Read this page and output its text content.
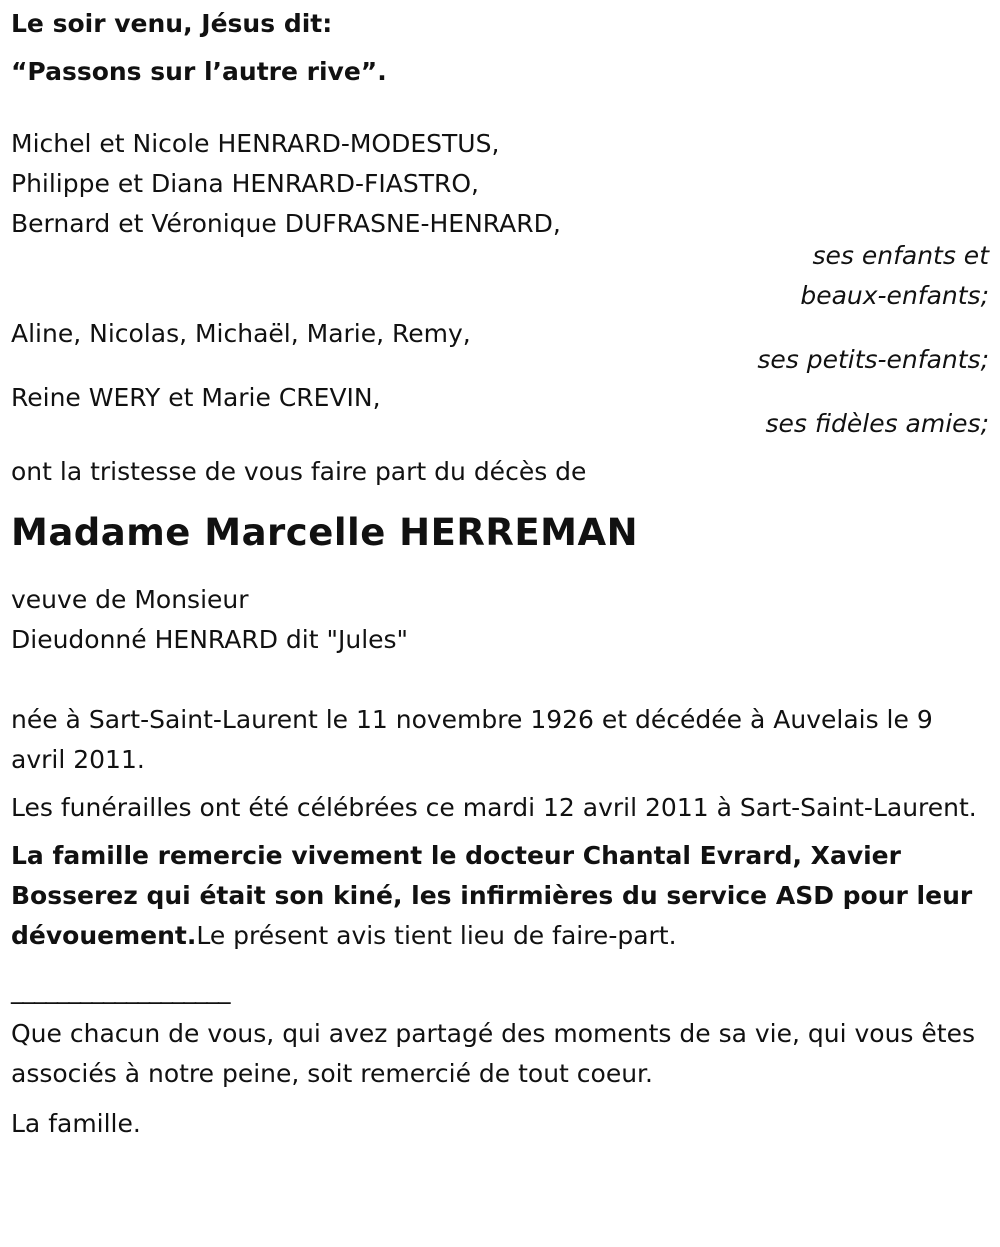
Le soir venu, Jésus dit:

“Passons sur l’autre rive”.

Michel et Nicole HENRARD-MODESTUS,

Philippe et Diana HENRARD-FIASTRO,

Bernard et Véronique DUFRASNE-HENRARD,

ses enfants et

beaux-enfants;

Aline, Nicolas, Michaël, Marie, Remy,

ses petits-enfants;

Reine WERY et Marie CREVIN,

ses fidèles amies;

ont la tristesse de vous faire part du décès de

Madame Marcelle HERREMAN

veuve de Monsieur

Dieudonné HENRARD dit "Jules"

née à Sart-Saint-Laurent le 11 novembre 1926 et décédée à Auvelais le 9 avril 2011.

Les funérailles ont été célébrées ce mardi 12 avril 2011 à Sart-Saint-Laurent.

La famille remercie vivement le docteur Chantal Evrard, Xavier Bosserez qui était son kiné, les infirmières du service ASD pour leur dévouement.Le présent avis tient lieu de faire-part.

___________________

Que chacun de vous, qui avez partagé des moments de sa vie, qui vous êtes associés à notre peine, soit remercié de tout coeur.

La famille.
